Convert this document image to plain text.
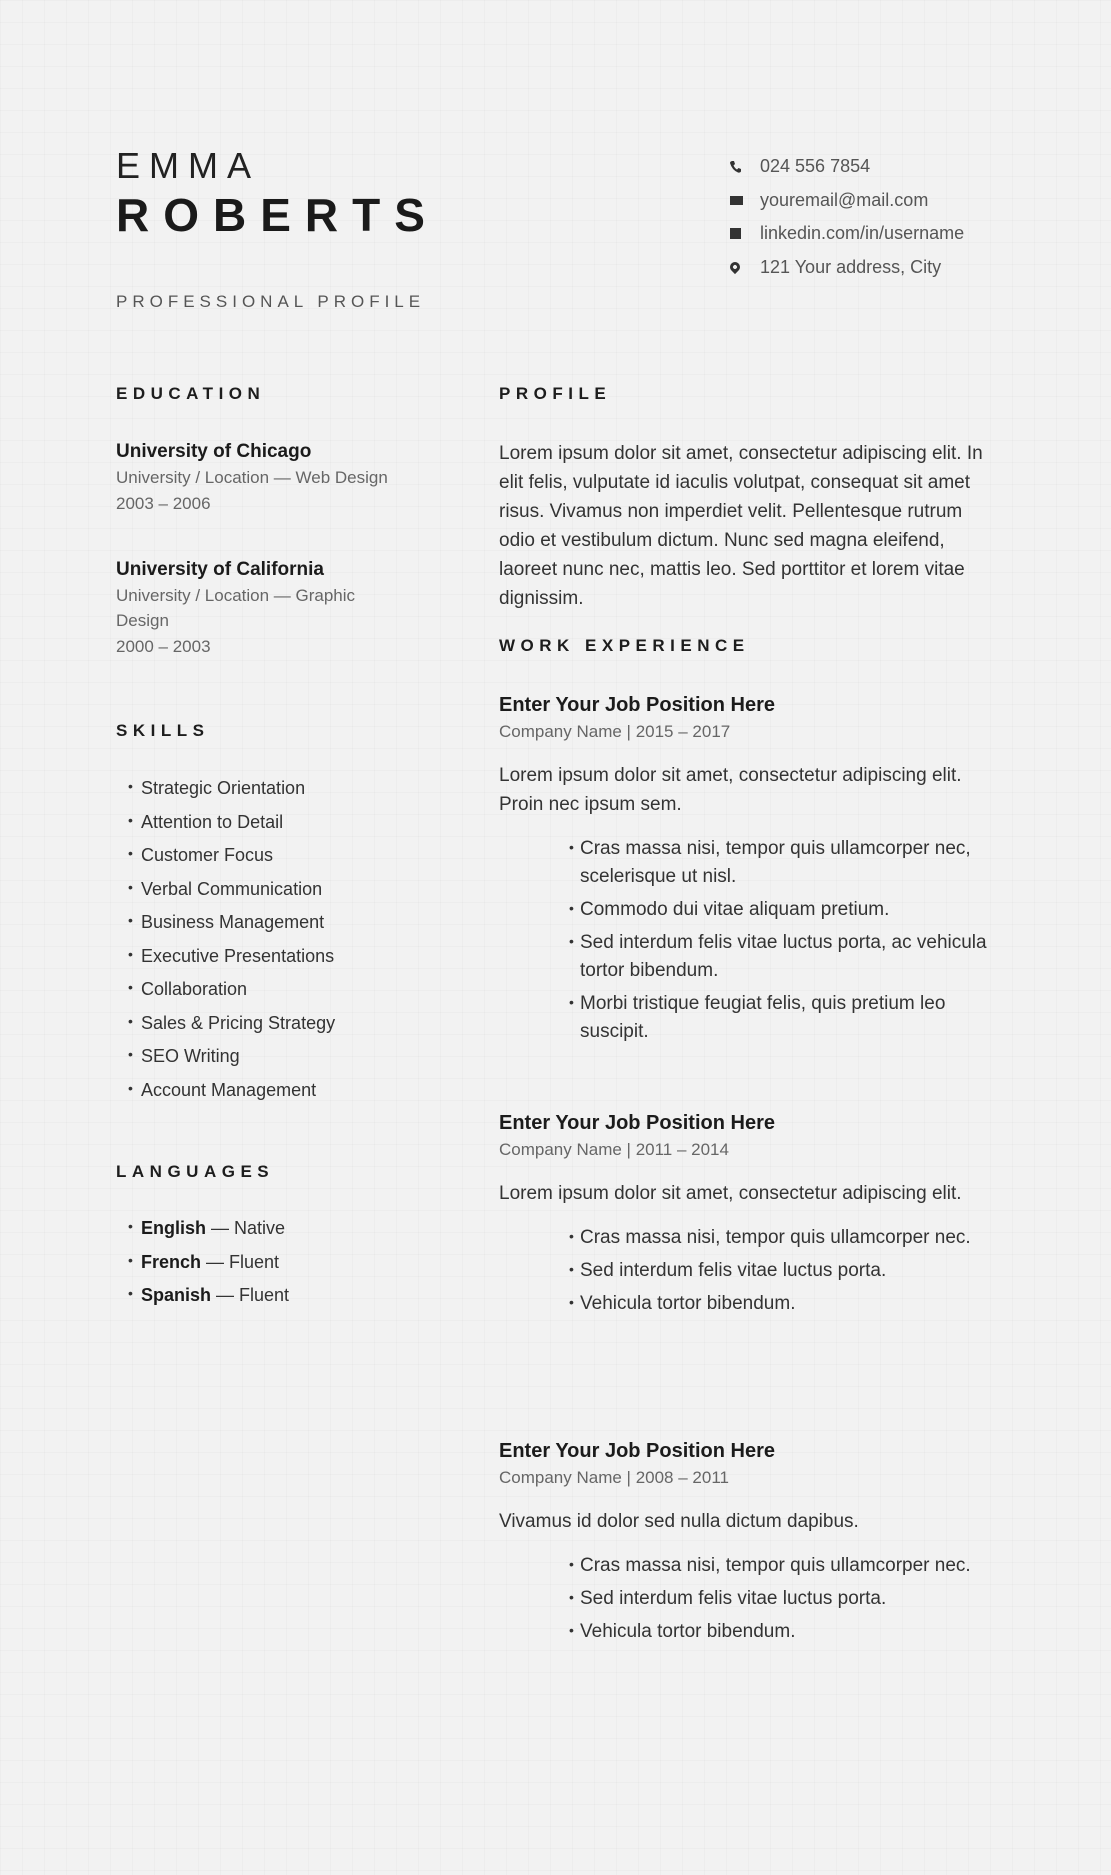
EMMA
ROBERTS
PROFESSIONAL PROFILE
024 556 7854
youremail@mail.com
linkedin.com/in/username
121 Your address, City
EDUCATION
University of Chicago
University / Location — Web Design
2003 – 2006
University of California
University / Location — Graphic Design
2000 – 2003
SKILLS
• Strategic Orientation
• Attention to Detail
• Customer Focus
• Verbal Communication
• Business Management
• Executive Presentations
• Collaboration
• Sales & Pricing Strategy
• SEO Writing
• Account Management
LANGUAGES
• English — Native
• French — Fluent
• Spanish — Fluent
PROFILE

Lorem ipsum dolor sit amet, consectetur adipiscing elit. In elit felis, vulputate id iaculis volutpat, consequat sit amet risus. Vivamus non imperdiet velit. Pellentesque rutrum odio et vestibulum dictum. Nunc sed magna eleifend, laoreet nunc nec, mattis leo. Sed porttitor et lorem vitae dignissim.

WORK EXPERIENCE
Enter Your Job Position Here

Company Name | 2015 – 2017

Lorem ipsum dolor sit amet, consectetur adipiscing elit. Proin nec ipsum sem.

• Cras massa nisi, tempor quis ullamcorper nec, scelerisque ut nisl.
• Commodo dui vitae aliquam pretium.
• Sed interdum felis vitae luctus porta, ac vehicula tortor bibendum.
• Morbi tristique feugiat felis, quis pretium leo suscipit.
Enter Your Job Position Here

Company Name | 2011 – 2014

Lorem ipsum dolor sit amet, consectetur adipiscing elit.

• Cras massa nisi, tempor quis ullamcorper nec.
• Sed interdum felis vitae luctus porta.
• Vehicula tortor bibendum.
Enter Your Job Position Here

Company Name | 2008 – 2011

Vivamus id dolor sed nulla dictum dapibus.

• Cras massa nisi, tempor quis ullamcorper nec.
• Sed interdum felis vitae luctus porta.
• Vehicula tortor bibendum.
